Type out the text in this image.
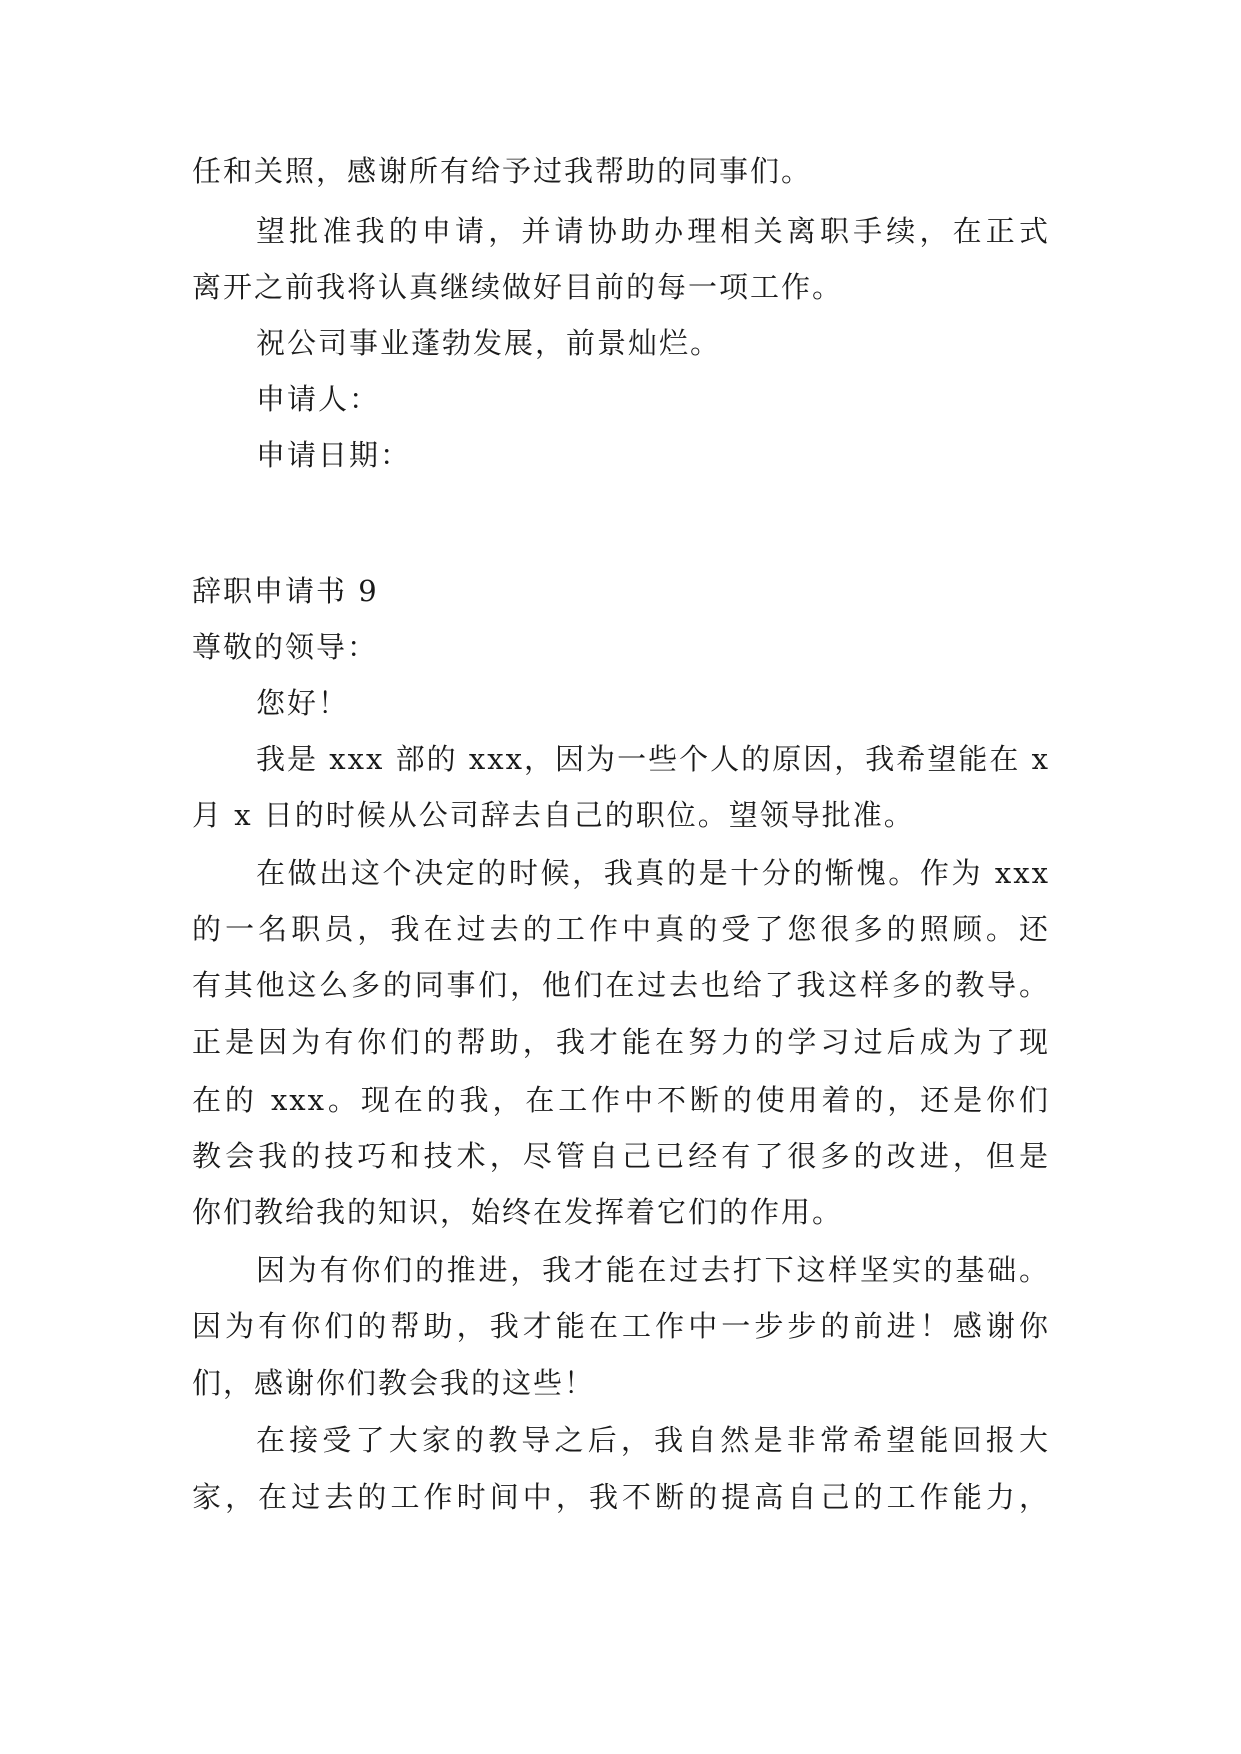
任和关照，感谢所有给予过我帮助的同事们。
望批准我的申请，并请协助办理相关离职手续，在正式
离开之前我将认真继续做好目前的每一项工作。
祝公司事业蓬勃发展，前景灿烂。
申请人：
申请日期：
辞职申请书 9
尊敬的领导：
您好！
我是 xxx 部的 xxx，因为一些个人的原因，我希望能在 x
月 x 日的时候从公司辞去自己的职位。望领导批准。
在做出这个决定的时候，我真的是十分的惭愧。作为 xxx
的一名职员，我在过去的工作中真的受了您很多的照顾。还
有其他这么多的同事们，他们在过去也给了我这样多的教导。
正是因为有你们的帮助，我才能在努力的学习过后成为了现
在的 xxx。现在的我，在工作中不断的使用着的，还是你们
教会我的技巧和技术，尽管自己已经有了很多的改进，但是
你们教给我的知识，始终在发挥着它们的作用。
因为有你们的推进，我才能在过去打下这样坚实的基础。
因为有你们的帮助，我才能在工作中一步步的前进！感谢你
们，感谢你们教会我的这些！
在接受了大家的教导之后，我自然是非常希望能回报大
家，在过去的工作时间中，我不断的提高自己的工作能力，
